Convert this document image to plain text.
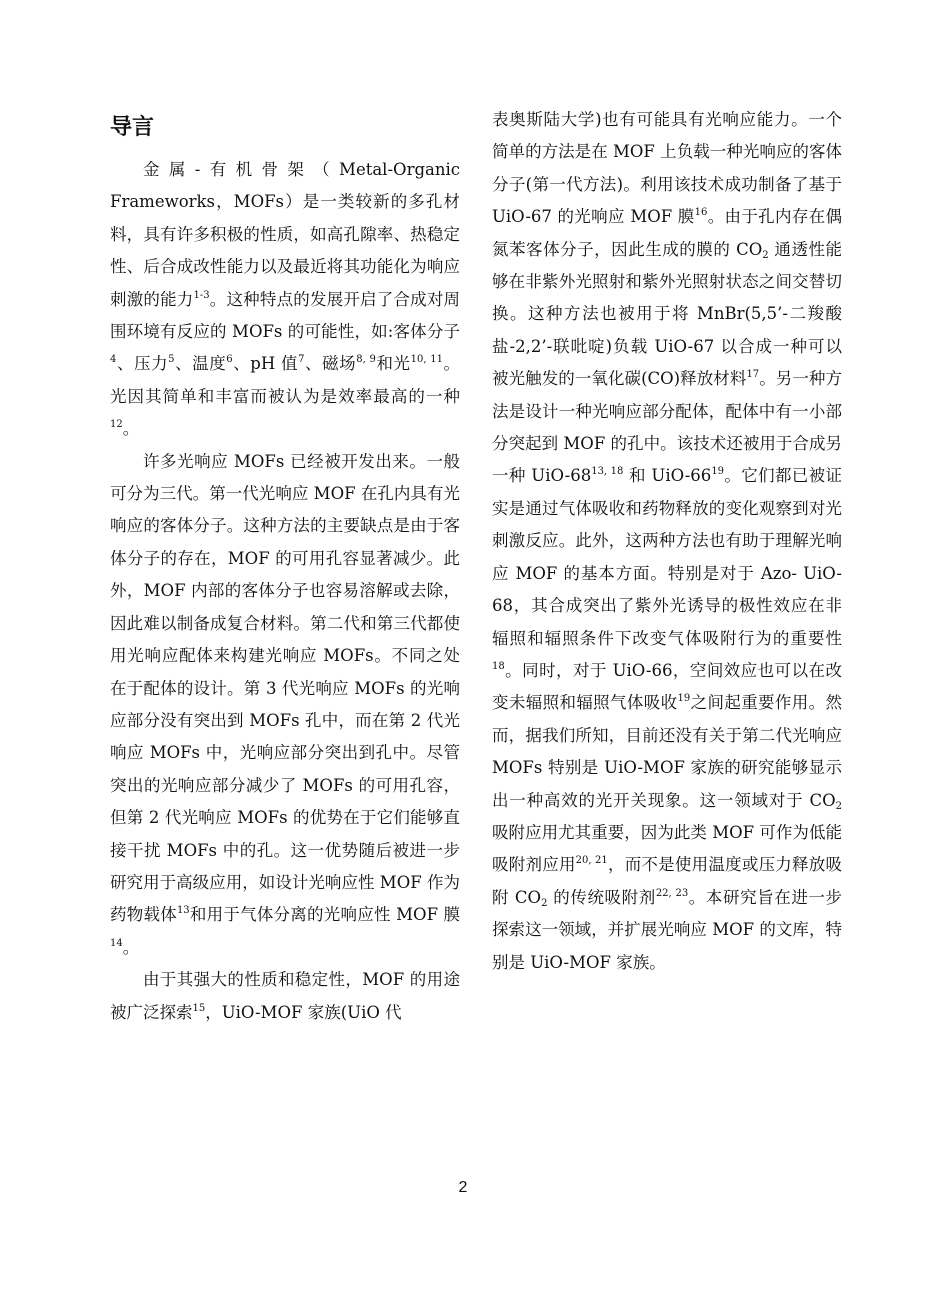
导言

金属-有机骨架（Metal-Organic Frameworks，MOFs）是一类较新的多孔材料，具有许多积极的性质，如高孔隙率、热稳定性、后合成改性能力以及最近将其功能化为响应刺激的能力$^{1-3}$。这种特点的发展开启了合成对周围环境有反应的 MOFs 的可能性，如:客体分子$^4$、压力$^5$、温度$^6$、pH 值$^7$、磁场$^{8, 9}$和光$^{10, 11}$。光因其简单和丰富而被认为是效率最高的一种$^{12}$。

许多光响应 MOFs 已经被开发出来。一般可分为三代。第一代光响应 MOF 在孔内具有光响应的客体分子。这种方法的主要缺点是由于客体分子的存在，MOF 的可用孔容显著减少。此外，MOF 内部的客体分子也容易溶解或去除，因此难以制备成复合材料。第二代和第三代都使用光响应配体来构建光响应 MOFs。不同之处在于配体的设计。第 3 代光响应 MOFs 的光响应部分没有突出到 MOFs 孔中，而在第 2 代光响应 MOFs 中，光响应部分突出到孔中。尽管突出的光响应部分减少了 MOFs 的可用孔容，但第 2 代光响应 MOFs 的优势在于它们能够直接干扰 MOFs 中的孔。这一优势随后被进一步研究用于高级应用，如设计光响应性 MOF 作为药物载体$^{13}$和用于气体分离的光响应性 MOF 膜$^{14}$。

由于其强大的性质和稳定性，MOF 的用途被广泛探索$^{15}$，UiO-MOF 家族(UiO 代

表奥斯陆大学)也有可能具有光响应能力。一个简单的方法是在 MOF 上负载一种光响应的客体分子(第一代方法)。利用该技术成功制备了基于 UiO-67 的光响应 MOF 膜$^{16}$。由于孔内存在偶氮苯客体分子，因此生成的膜的 $CO_2$ 通透性能够在非紫外光照射和紫外光照射状态之间交替切换。这种方法也被用于将 MnBr(5,5’-二羧酸盐-2,2’-联吡啶)负载 UiO-67 以合成一种可以被光触发的一氧化碳(CO)释放材料$^{17}$。另一种方法是设计一种光响应部分配体，配体中有一小部分突起到 MOF 的孔中。该技术还被用于合成另一种 UiO-68$^{13, 18}$ 和 UiO-$66^{19}$。它们都已被证实是通过气体吸收和药物释放的变化观察到对光刺激反应。此外，这两种方法也有助于理解光响应 MOF 的基本方面。特别是对于 Azo- UiO-68，其合成突出了紫外光诱导的极性效应在非辐照和辐照条件下改变气体吸附行为的重要性$^{18}$。同时，对于 UiO-66，空间效应也可以在改变未辐照和辐照气体吸收$^{19}$之间起重要作用。然而，据我们所知，目前还没有关于第二代光响应 MOFs 特别是 UiO-MOF 家族的研究能够显示出一种高效的光开关现象。这一领域对于 $CO_2$ 吸附应用尤其重要，因为此类 MOF 可作为低能吸附剂应用$^{20, 21}$，而不是使用温度或压力释放吸附 $CO_2$ 的传统吸附剂$^{22, 23}$。本研究旨在进一步探索这一领域，并扩展光响应 MOF 的文库，特别是 UiO-MOF 家族。

2
